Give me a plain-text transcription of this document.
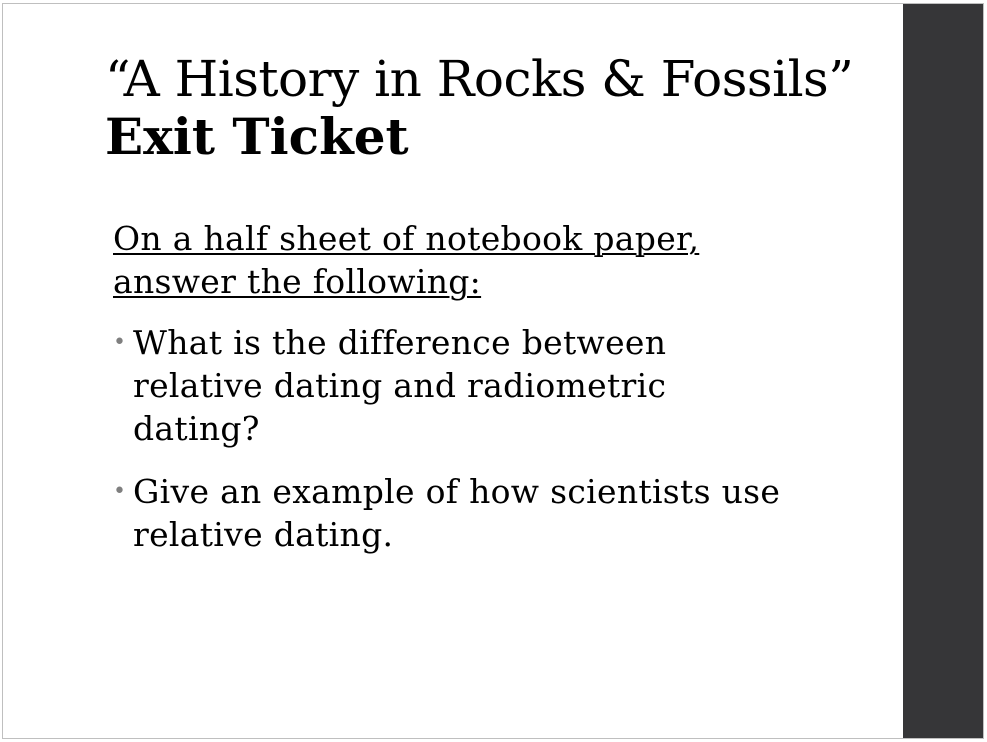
“A History in Rocks & Fossils”
Exit Ticket

On a half sheet of notebook paper, answer the following:

• What is the difference between relative dating and radiometric dating?
• Give an example of how scientists use relative dating.
